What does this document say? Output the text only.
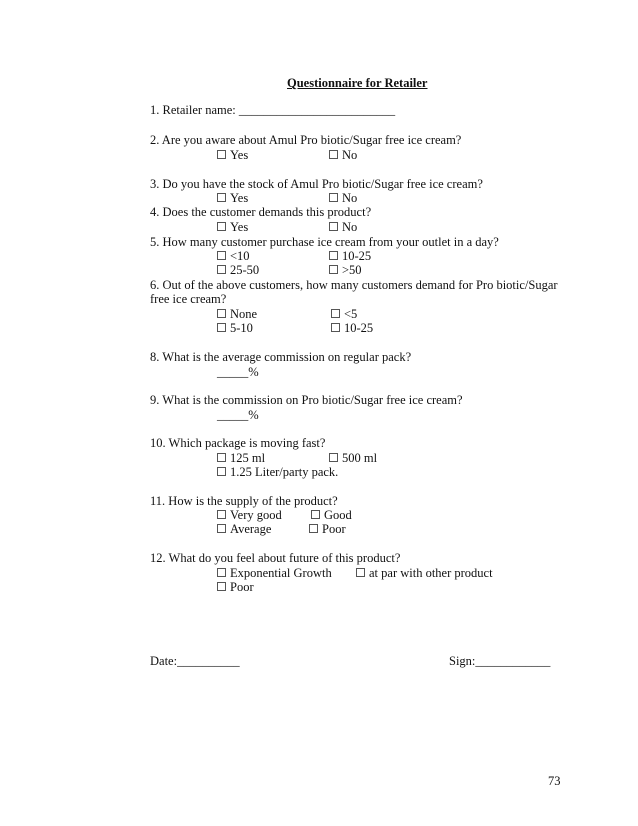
Questionnaire for Retailer
1. Retailer name: _________________________
2. Are you aware about Amul Pro biotic/Sugar free ice cream?
Yes	No
3. Do you have the stock of Amul Pro biotic/Sugar free ice cream?
Yes	No
4. Does the customer demands this product?
Yes	No
5. How many customer purchase ice cream from your outlet in a day?
<10	10-25
25-50	>50
6. Out of the above customers, how many customers demand for Pro biotic/Sugar
free ice cream?
None	<5
5-10	10-25
8. What is the average commission on regular pack?
_____%
9. What is the commission on Pro biotic/Sugar free ice cream?
_____%
10. Which package is moving fast?
125 ml	500 ml
1.25 Liter/party pack.
11. How is the supply of the product?
Very good	Good
Average	Poor
12. What do you feel about future of this product?
Exponential Growth	at par with other product
Poor
Date:__________	Sign:____________
73
